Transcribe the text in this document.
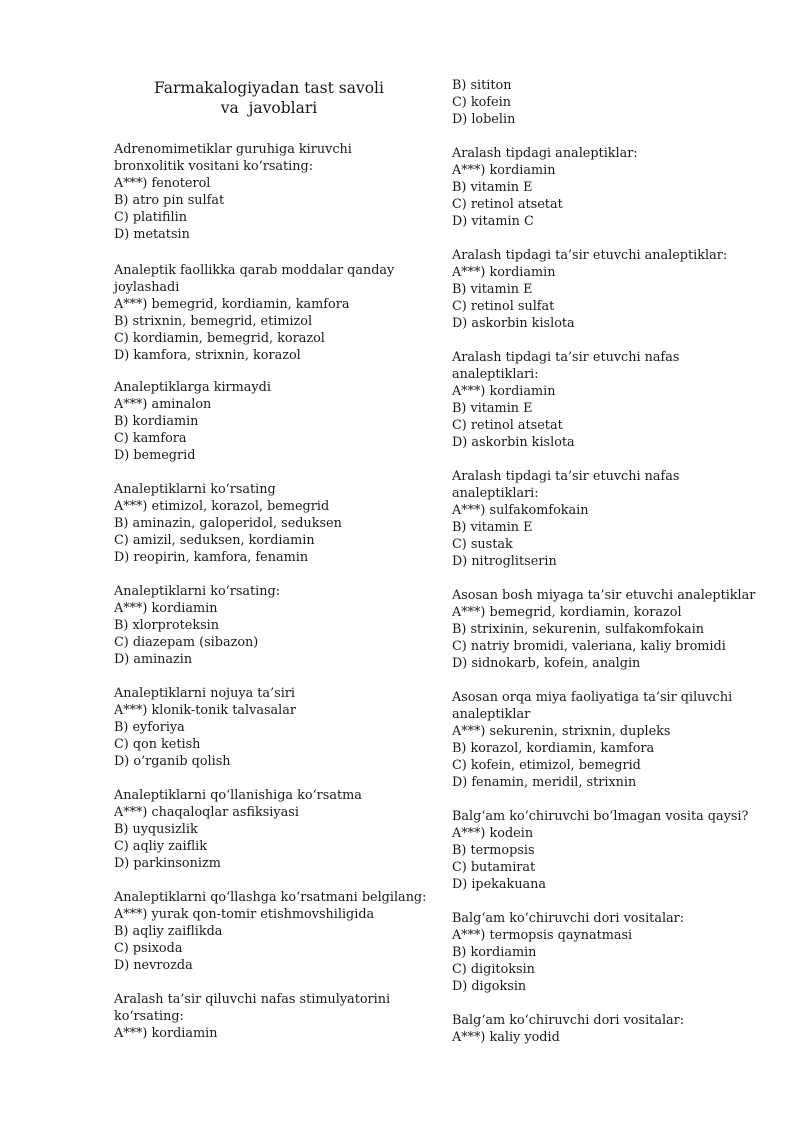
Farmakalogiyadan tast savoli
va  javoblari
Adrenomimetiklar guruhiga kiruvchi
bronxolitik vositani ko‘rsating:
A***) fenoterol
B) atro pin sulfat
C) platifilin
D) metatsin
Analeptik faollikka qarab moddalar qanday
joylashadi
A***) bemegrid, kordiamin, kamfora
B) strixnin, bemegrid, etimizol
C) kordiamin, bemegrid, korazol
D) kamfora, strixnin, korazol
Analeptiklarga kirmaydi
A***) aminalon
B) kordiamin
C) kamfora
D) bemegrid
Analeptiklarni ko‘rsating
A***) etimizol, korazol, bemegrid
B) aminazin, galoperidol, seduksen
C) amizil, seduksen, kordiamin
D) reopirin, kamfora, fenamin
Analeptiklarni ko‘rsating:
A***) kordiamin
B) xlorproteksin
C) diazepam (sibazon)
D) aminazin
Analeptiklarni nojuya ta’siri
A***) klonik-tonik talvasalar
B) eyforiya
C) qon ketish
D) o‘rganib qolish
Analeptiklarni qo‘llanishiga ko‘rsatma
A***) chaqaloqlar asfiksiyasi
B) uyqusizlik
C) aqliy zaiflik
D) parkinsonizm
Analeptiklarni qo‘llashga ko‘rsatmani belgilang:
A***) yurak qon-tomir etishmovshiligida
B) aqliy zaiflikda
C) psixoda
D) nevrozda
Aralash ta’sir qiluvchi nafas stimulyatorini
ko‘rsating:
A***) kordiamin
B) sititon
C) kofein
D) lobelin
Aralash tipdagi analeptiklar:
A***) kordiamin
B) vitamin E
C) retinol atsetat
D) vitamin C
Aralash tipdagi ta’sir etuvchi analeptiklar:
A***) kordiamin
B) vitamin E
C) retinol sulfat
D) askorbin kislota
Aralash tipdagi ta’sir etuvchi nafas
analeptiklari:
A***) kordiamin
B) vitamin E
C) retinol atsetat
D) askorbin kislota
Aralash tipdagi ta’sir etuvchi nafas
analeptiklari:
A***) sulfakomfokain
B) vitamin E
C) sustak
D) nitroglitserin
Asosan bosh miyaga ta’sir etuvchi analeptiklar
A***) bemegrid, kordiamin, korazol
B) strixinin, sekurenin, sulfakomfokain
C) natriy bromidi, valeriana, kaliy bromidi
D) sidnokarb, kofein, analgin
Asosan orqa miya faoliyatiga ta’sir qiluvchi
analeptiklar
A***) sekurenin, strixnin, dupleks
B) korazol, kordiamin, kamfora
C) kofein, etimizol, bemegrid
D) fenamin, meridil, strixnin
Balg‘am ko‘chiruvchi bo‘lmagan vosita qaysi?
A***) kodein
B) termopsis
C) butamirat
D) ipekakuana
Balg‘am ko‘chiruvchi dori vositalar:
A***) termopsis qaynatmasi
B) kordiamin
C) digitoksin
D) digoksin
Balg‘am ko‘chiruvchi dori vositalar:
A***) kaliy yodid
